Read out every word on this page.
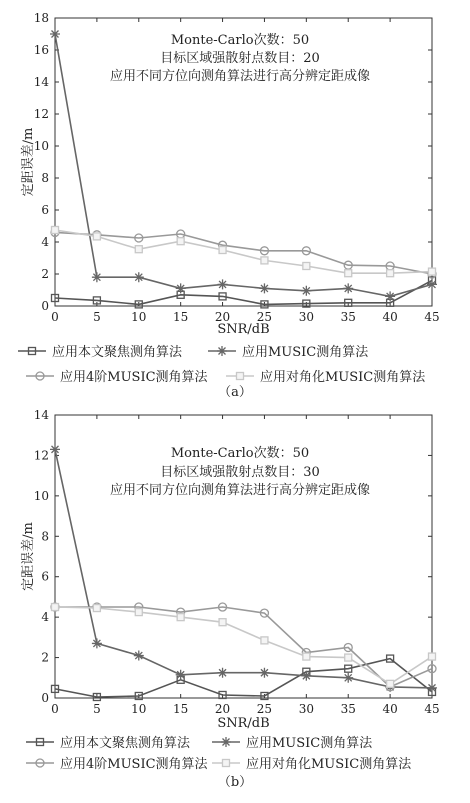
0	5	10 15 20 25 30 35 40 45
0
2
4
6
8
10
12
14
16
18
SNR/dB
定距误差/m
Monte-Carlo次数：50
目标区域强散射点数目：20
应用不同方位向测角算法进行高分辨定距成像
应用本文聚焦测角算法	应用MUSIC测角算法
应用4阶MUSIC测角算法	应用对角化MUSIC测角算法
（a）
0	5	10 15 20 25 30 35 40 45
0
2
4
6
8
10
12
14
SNR/dB
定距误差/m
Monte-Carlo次数：50
目标区域强散射点数目：30
应用不同方位向测角算法进行高分辨定距成像
应用本文聚焦测角算法	应用MUSIC测角算法
应用4阶MUSIC测角算法	应用对角化MUSIC测角算法
（b）
